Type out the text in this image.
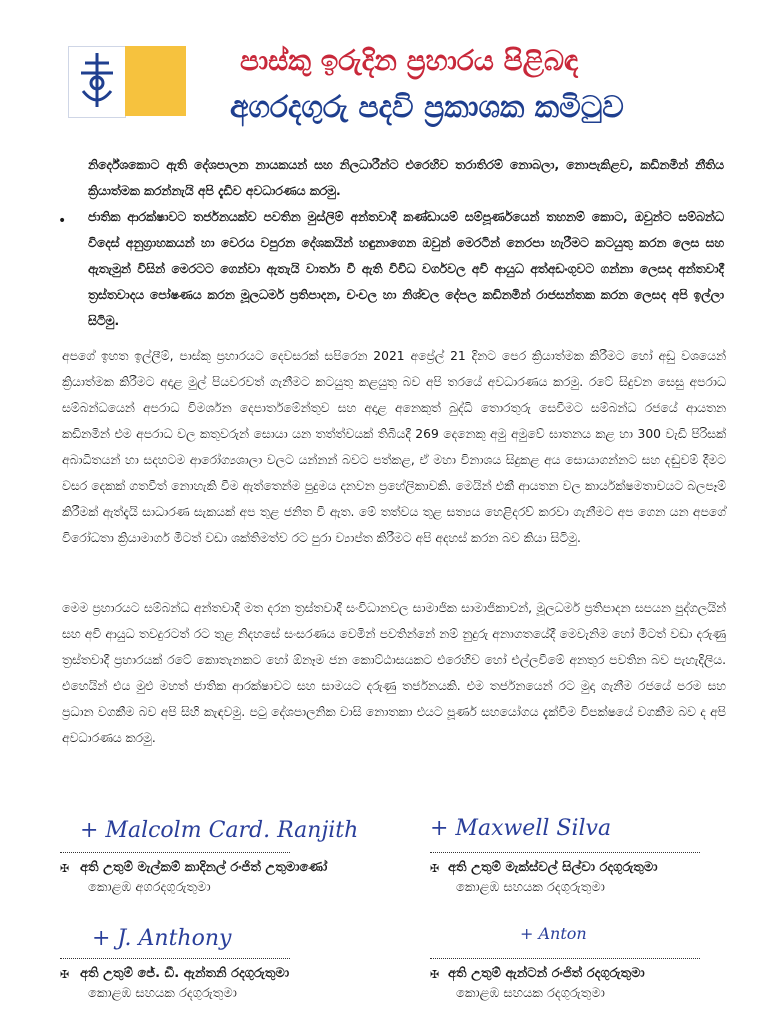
පාස්කු ඉරුදින ප්‍රහාරය පිළිබඳ
අගරදගුරු පදවි ප්‍රකාශක කමිටුව
නිර්දේශකොට ඇති දේශපාලන නායකයන් සහ නිලධාරීන්ට එරෙහිව තරාතිරම් නොබලා, නොපැකිළව, කඩිනමින් නීතිය ක්‍රියාත්මක කරන්නැයි අපි දැඩිව අවධාරණය කරමු.
• ජාතික ආරක්ෂාවට තර්ජනයක්ව පවතින මුස්ලිම් අන්තවාදී කණ්ඩායම් සම්පූර්ණයෙන් තහනම් කොට, ඔවුන්ට සම්බන්ධ විදෙස් අනුග්‍රාහකයන් හා වෙරය වපුරන දේශකයින් හඳුනාගෙන ඔවුන් මෙරටින් නෙරපා හැරීමට කටයුතු කරන ලෙස සහ ඇතැමුන් විසින් මෙරටට ගෙන්වා ඇතැයි වාර්තා වී ඇති විවිධ වර්ගවල අවි ආයුධ අත්අඩංගුවට ගන්නා ලෙසද අන්තවාදී ත්‍රස්තවාදය පෝෂණය කරන මූලධර්ම ප්‍රතිපාදන, චංචල හා නිශ්චල දේපල කඩිනමින් රාජසන්තක කරන ලෙසද අපි ඉල්ලා සිටිමු.
අපගේ ඉහත ඉල්ලීම්, පාස්කු ප්‍රහාරයට දෙවසරක් සපිරෙන 2021 අප්‍රේල් 21 දිනට පෙර ක්‍රියාත්මක කිරීමට හෝ අඩු වශයෙන් ක්‍රියාත්මක කිරීමට අදාළ මුල් පියවරවත් ගැනීමට කටයුතු කළයුතු බව අපි තරයේ අවධාරණය කරමු. රටේ සිදුවන සෙසු අපරාධ සම්බන්ධයෙන් අපරාධ විමර්ශන දෙපාර්තමේන්තුව සහ අදාළ අනෙකුත් බුද්ධි තොරතුරු සෙවීමට සම්බන්ධ රජයේ ආයතන කඩිනමින් එම අපරාධ වල කතුවරුන් සොයා යන තත්ත්වයක් තිබියදී 269 දෙනෙකු අමු අමුවේ ඝාතනය කළ හා 300 වැඩි පිරිසක් අබාධිතයන් හා සදහටම ආරෝග්‍යශාලා වලට යන්නන් බවට පත්කළ, ඒ මහා විනාශය සිදුකළ අය සොයාගන්නට සහ දඬුවම් දීමට වසර දෙකක් ගතවීත් නොහැකි වීම ඇත්තෙන්ම පුදුමය දනවන ප්‍රහේලිකාවකි. මෙයින් එකී ආයතන වල කාර්යක්ෂමතාවයට බලපෑම් කිරීමක් ඇත්දැයි සාධාරණ සැකයක් අප තුළ ජනිත වී ඇත. මේ තත්වය තුළ සත්‍යය හෙළිදරව් කරවා ගැනීමට අප ගෙන යන අපගේ විරෝධතා ක්‍රියාමාර්ග මීටත් වඩා ශක්තිමත්ව රට පුරා ව්‍යාප්ත කිරීමට අපි අදහස් කරන බව කියා සිටිමු.
මෙම ප්‍රහාරයට සම්බන්ධ අන්තවාදී මත දරන ත්‍රස්තවාදී සංවිධානවල සාමාජික සාමාජිකාවන්, මූලධර්ම ප්‍රතිපාදන සපයන පුද්ගලයින් සහ අවි ආයුධ තවදුරටත් රට තුළ නිදහසේ සංසරණය වෙමින් පවතින්නේ නම් නුදුරු අනාගතයේදී මෙවැනිම හෝ මීටත් වඩා දරුණු ත්‍රස්තවාදී ප්‍රහාරයක් රටේ කොතැනකට හෝ ඕනෑම ජන කොට්ඨාසයකට එරෙහිව හෝ එල්ලවීමේ අනතුර පවතින බව පැහැදිලිය. එහෙයින් එය මුළු මහත් ජාතික ආරක්ෂාවට සහ සාමයට දරුණු තර්ජනයකි. එම තර්ජනයෙන් රට මුදා ගැනීම රජයේ පරම සහ ප්‍රධාන වගකීම බව අපි සිහි කැඳවමු. පටු දේශපාලනික වාසි නොතකා එයට පූර්ණ සහයෝගය දැක්වීම විපක්ෂයේ වගකීම බව ද අපි අවධාරණය කරමු.
+ Malcolm Card. Ranjith
✠ අති උතුම් මැල්කම් කාදිනල් රංජිත් උතුමාණෝ
කොළඹ අගරදගුරුතුමා
+ Maxwell Silva
✠ අති උතුම් මැක්ස්වල් සිල්වා රදගුරුතුමා
කොළඹ සහයක රදගුරුතුමා
+ J. Anthony
✠ අති උතුම් ජේ. ඩී. ඇන්තනි රදගුරුතුමා
කොළඹ සහයක රදගුරුතුමා
+ Anton
✠ අති උතුම් ඇන්ටන් රංජිත් රදගුරුතුමා
කොළඹ සහයක රදගුරුතුමා
